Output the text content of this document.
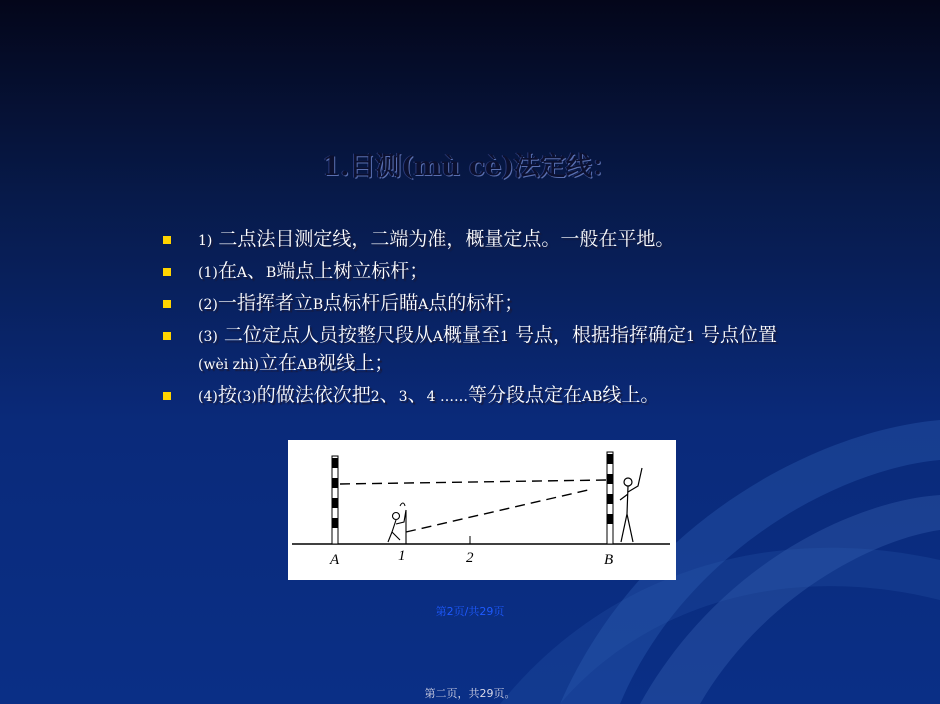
1.目测(mù cè)法定线：
1) 二点法目测定线，二端为准，概量定点。一般在平地。
(1)在A、B端点上树立标杆；
(2)一指挥者立B点标杆后瞄A点的标杆；
(3) 二位定点人员按整尺段从A概量至1 号点，根据指挥确定1 号点位置(wèi zhì)立在AB视线上；
(4)按(3)的做法依次把2、3、4 ……等分段点定在AB线上。
A	1	2	B
第2页/共29页
第二页，共29页。
